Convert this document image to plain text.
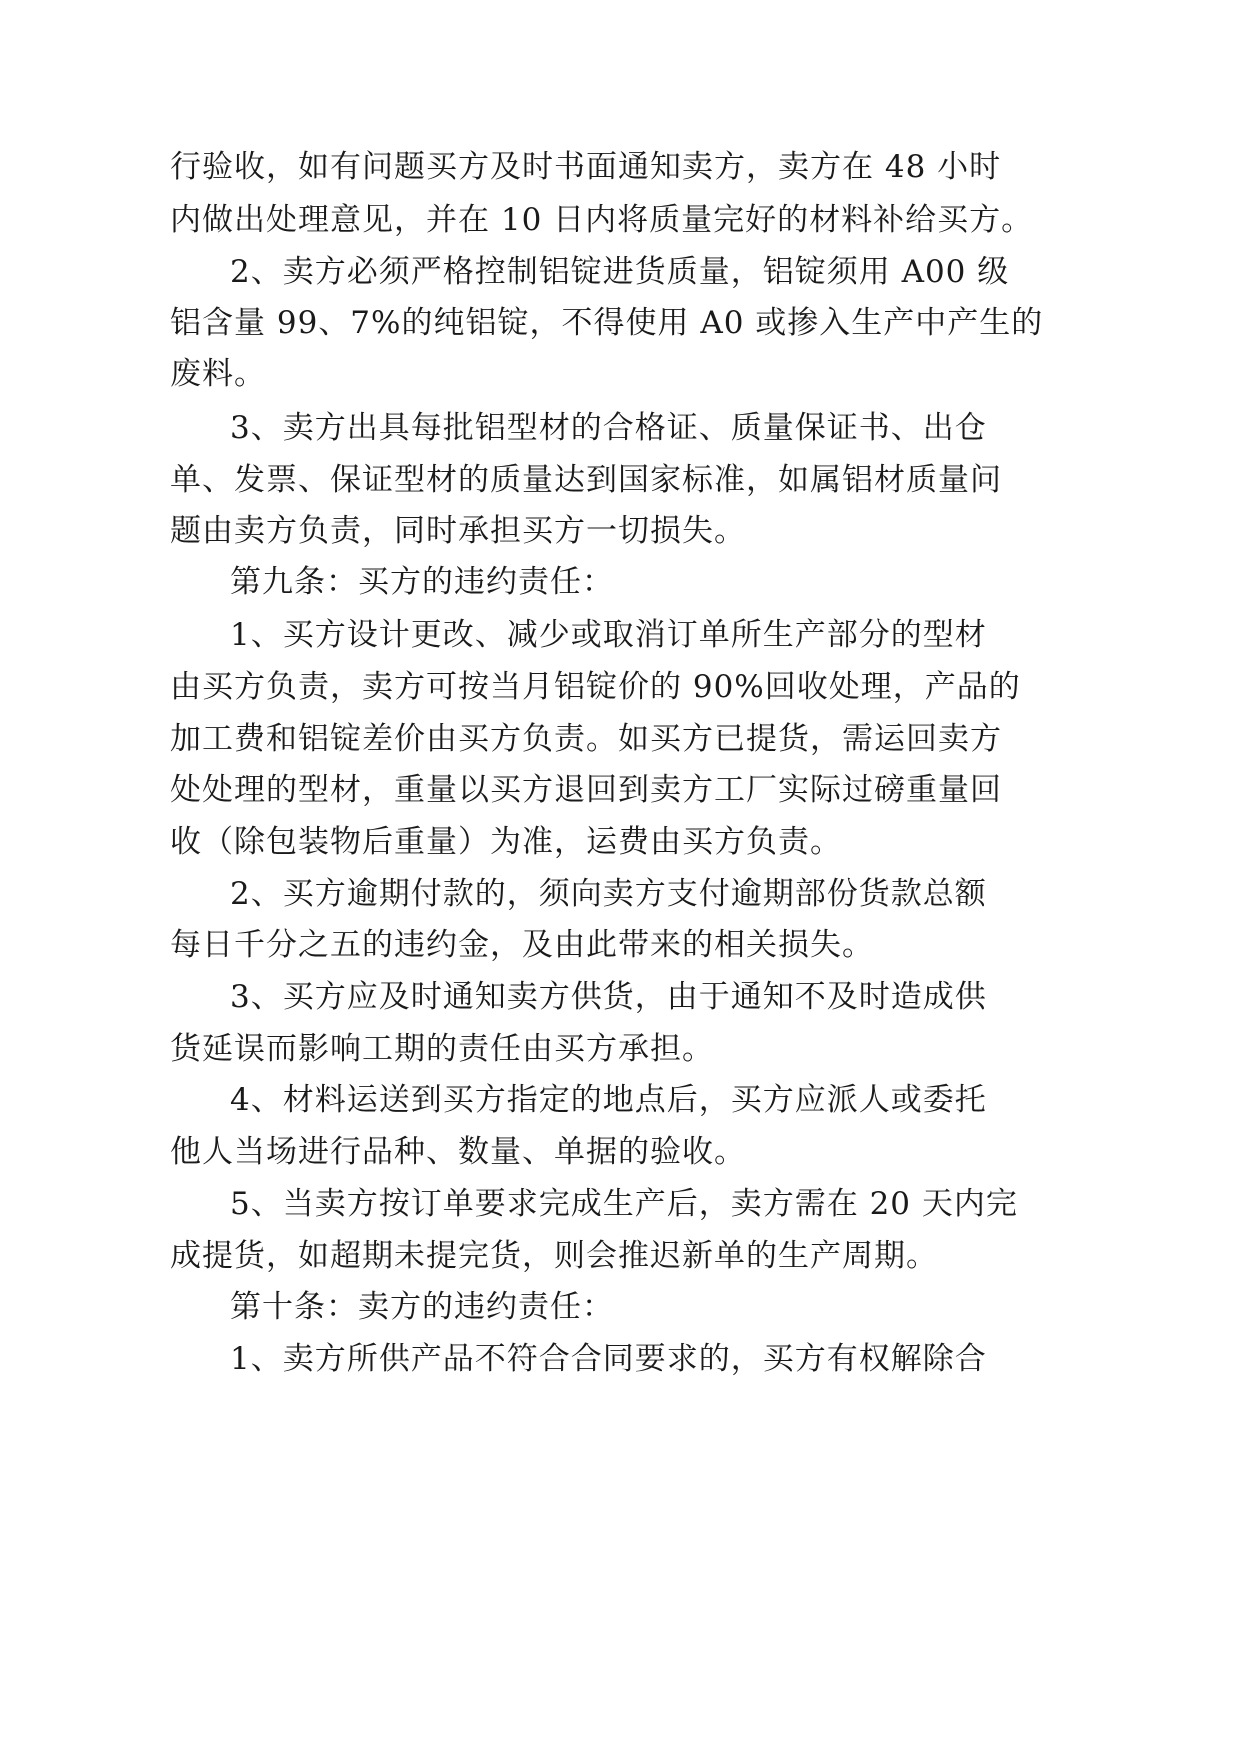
行验收，如有问题买方及时书面通知卖方，卖方在 48 小时
内做出处理意见，并在 10 日内将质量完好的材料补给买方。
2、卖方必须严格控制铝锭进货质量，铝锭须用 A00 级
铝含量 99、7%的纯铝锭，不得使用 A0 或掺入生产中产生的
废料。
3、卖方出具每批铝型材的合格证、质量保证书、出仓
单、发票、保证型材的质量达到国家标准，如属铝材质量问
题由卖方负责，同时承担买方一切损失。
第九条：买方的违约责任：
1、买方设计更改、减少或取消订单所生产部分的型材
由买方负责，卖方可按当月铝锭价的 90%回收处理，产品的
加工费和铝锭差价由买方负责。如买方已提货，需运回卖方
处处理的型材，重量以买方退回到卖方工厂实际过磅重量回
收（除包装物后重量）为准，运费由买方负责。
2、买方逾期付款的，须向卖方支付逾期部份货款总额
每日千分之五的违约金，及由此带来的相关损失。
3、买方应及时通知卖方供货，由于通知不及时造成供
货延误而影响工期的责任由买方承担。
4、材料运送到买方指定的地点后，买方应派人或委托
他人当场进行品种、数量、单据的验收。
5、当卖方按订单要求完成生产后，卖方需在 20 天内完
成提货，如超期未提完货，则会推迟新单的生产周期。
第十条：卖方的违约责任：
1、卖方所供产品不符合合同要求的，买方有权解除合
